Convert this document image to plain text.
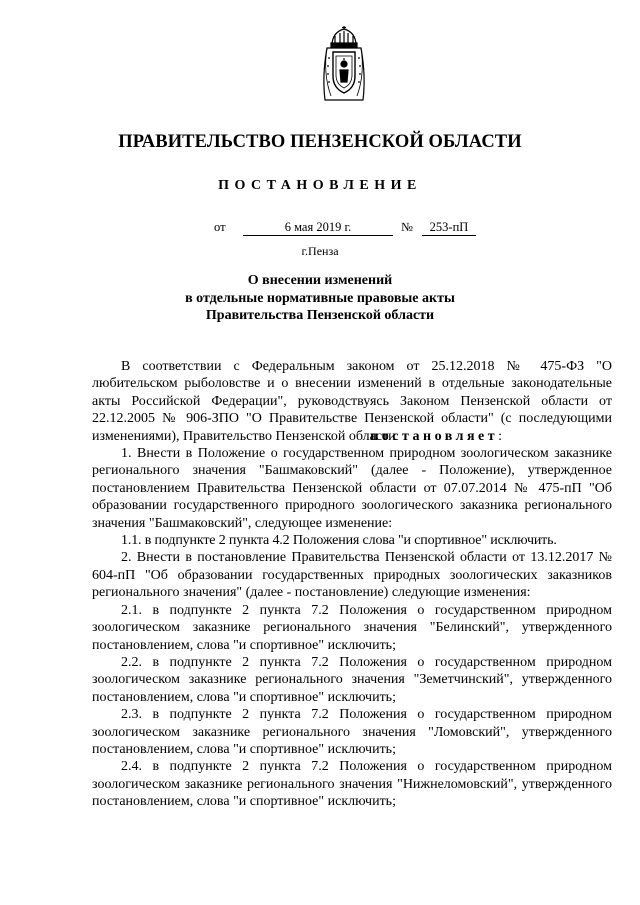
ПРАВИТЕЛЬСТВО ПЕНЗЕНСКОЙ ОБЛАСТИ
ПОСТАНОВЛЕНИЕ
от	6 мая 2019 г.	№	253-пП
г.Пенза
О внесении изменений
в отдельные нормативные правовые акты
Правительства Пензенской области

В соответствии с Федеральным законом от 25.12.2018 № 475-ФЗ "О любительском рыболовстве и о внесении изменений в отдельные законодательные акты Российской Федерации", руководствуясь Законом Пензенской области от 22.12.2005 № 906-ЗПО "О Правительстве Пензенской области" (с последующими изменениями), Правительство Пензенской области постановляет:

1. Внести в Положение о государственном природном зоологическом заказнике регионального значения "Башмаковский" (далее - Положение), утвержденное постановлением Правительства Пензенской области от 07.07.2014 № 475-пП "Об образовании государственного природного зоологического заказника регионального значения "Башмаковский", следующее изменение:

1.1. в подпункте 2 пункта 4.2 Положения слова "и спортивное" исключить.

2. Внести в постановление Правительства Пензенской области от 13.12.2017 № 604-пП "Об образовании государственных природных зоологических заказников регионального значения" (далее - постановление) следующие изменения:

2.1. в подпункте 2 пункта 7.2 Положения о государственном природном зоологическом заказнике регионального значения "Белинский", утвержденного постановлением, слова "и спортивное" исключить;

2.2. в подпункте 2 пункта 7.2 Положения о государственном природном зоологическом заказнике регионального значения "Земетчинский", утвержденного постановлением, слова "и спортивное" исключить;

2.3. в подпункте 2 пункта 7.2 Положения о государственном природном зоологическом заказнике регионального значения "Ломовский", утвержденного постановлением, слова "и спортивное" исключить;

2.4. в подпункте 2 пункта 7.2 Положения о государственном природном зоологическом заказнике регионального значения "Нижнеломовский", утвержденного постановлением, слова "и спортивное" исключить;
